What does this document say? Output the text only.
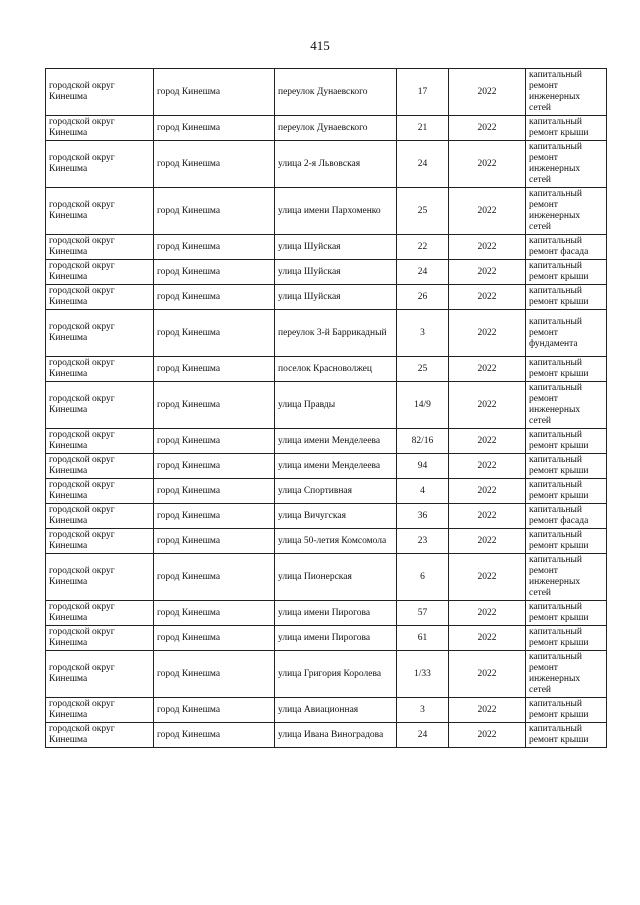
415
городской округ Кинешма	город Кинешма	переулок Дунаевского	17	2022	капитальный ремонт инженерных сетей
городской округ Кинешма	город Кинешма	переулок Дунаевского	21	2022	капитальный ремонт крыши
городской округ Кинешма	город Кинешма	улица 2-я Львовская	24	2022	капитальный ремонт инженерных сетей
городской округ Кинешма	город Кинешма	улица имени Пархоменко	25	2022	капитальный ремонт инженерных сетей
городской округ Кинешма	город Кинешма	улица Шуйская	22	2022	капитальный ремонт фасада
городской округ Кинешма	город Кинешма	улица Шуйская	24	2022	капитальный ремонт крыши
городской округ Кинешма	город Кинешма	улица Шуйская	26	2022	капитальный ремонт крыши
городской округ Кинешма	город Кинешма	переулок 3-й Баррикадный	3	2022	капитальный ремонт фундамента
городской округ Кинешма	город Кинешма	поселок Красноволжец	25	2022	капитальный ремонт крыши
городской округ Кинешма	город Кинешма	улица Правды	14/9	2022	капитальный ремонт инженерных сетей
городской округ Кинешма	город Кинешма	улица имени Менделеева	82/16	2022	капитальный ремонт крыши
городской округ Кинешма	город Кинешма	улица имени Менделеева	94	2022	капитальный ремонт крыши
городской округ Кинешма	город Кинешма	улица Спортивная	4	2022	капитальный ремонт крыши
городской округ Кинешма	город Кинешма	улица Вичугская	36	2022	капитальный ремонт фасада
городской округ Кинешма	город Кинешма	улица 50-летия Комсомола	23	2022	капитальный ремонт крыши
городской округ Кинешма	город Кинешма	улица Пионерская	6	2022	капитальный ремонт инженерных сетей
городской округ Кинешма	город Кинешма	улица имени Пирогова	57	2022	капитальный ремонт крыши
городской округ Кинешма	город Кинешма	улица имени Пирогова	61	2022	капитальный ремонт крыши
городской округ Кинешма	город Кинешма	улица Григория Королева	1/33	2022	капитальный ремонт инженерных сетей
городской округ Кинешма	город Кинешма	улица Авиационная	3	2022	капитальный ремонт крыши
городской округ Кинешма	город Кинешма	улица Ивана Виноградова	24	2022	капитальный ремонт крыши
